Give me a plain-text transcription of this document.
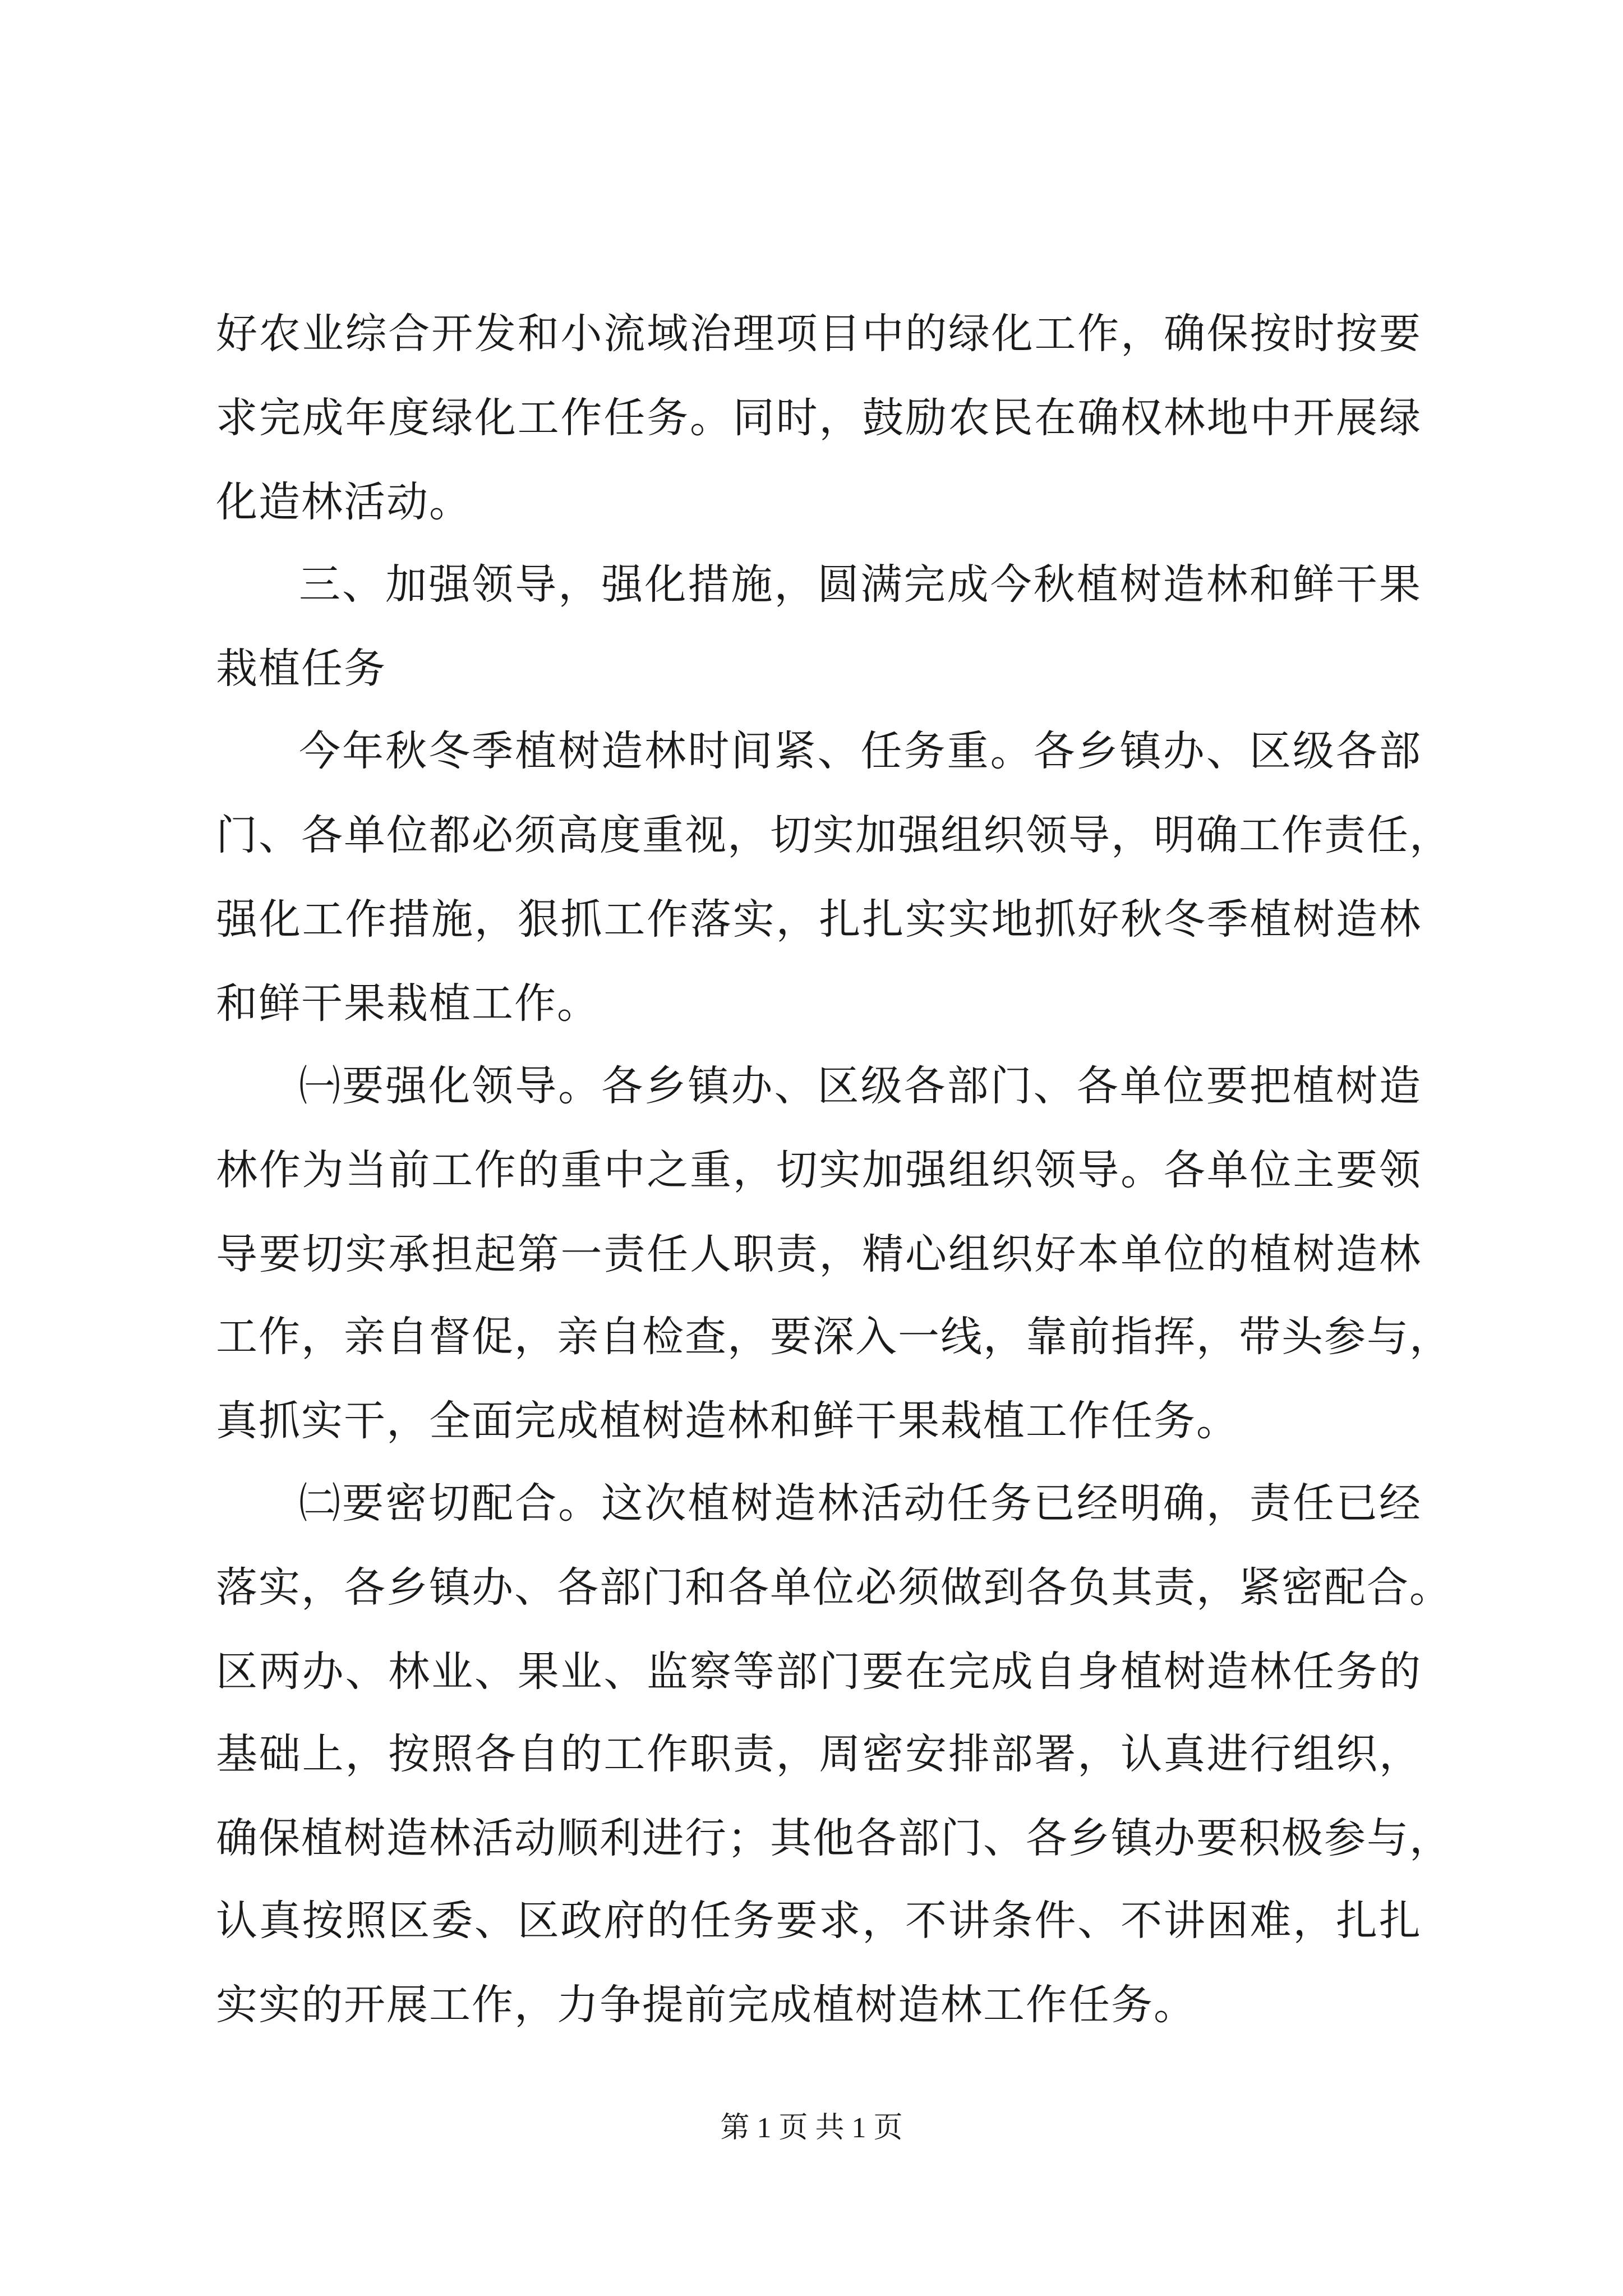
好农业综合开发和小流域治理项目中的绿化工作，确保按时按要
求完成年度绿化工作任务。同时，鼓励农民在确权林地中开展绿
化造林活动。
三、加强领导，强化措施，圆满完成今秋植树造林和鲜干果
栽植任务
今年秋冬季植树造林时间紧、任务重。各乡镇办、区级各部
门、各单位都必须高度重视，切实加强组织领导，明确工作责任，
强化工作措施，狠抓工作落实，扎扎实实地抓好秋冬季植树造林
和鲜干果栽植工作。
㈠要强化领导。各乡镇办、区级各部门、各单位要把植树造
林作为当前工作的重中之重，切实加强组织领导。各单位主要领
导要切实承担起第一责任人职责，精心组织好本单位的植树造林
工作，亲自督促，亲自检查，要深入一线，靠前指挥，带头参与，
真抓实干，全面完成植树造林和鲜干果栽植工作任务。
㈡要密切配合。这次植树造林活动任务已经明确，责任已经
落实，各乡镇办、各部门和各单位必须做到各负其责，紧密配合。
区两办、林业、果业、监察等部门要在完成自身植树造林任务的
基础上，按照各自的工作职责，周密安排部署，认真进行组织，
确保植树造林活动顺利进行；其他各部门、各乡镇办要积极参与，
认真按照区委、区政府的任务要求，不讲条件、不讲困难，扎扎
实实的开展工作，力争提前完成植树造林工作任务。
第 1 页 共 1 页
